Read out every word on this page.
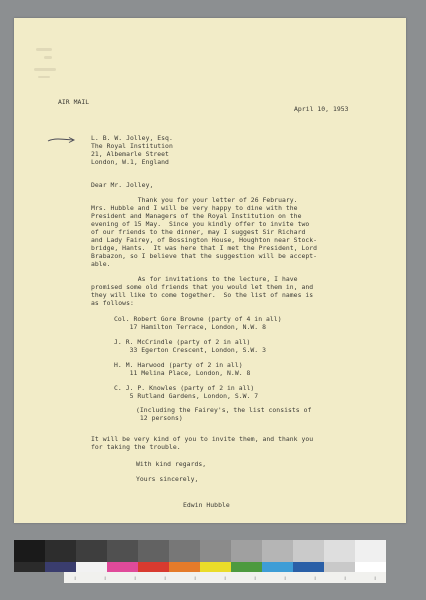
AIR MAIL
April 10, 1953
L. B. W. Jolley, Esq.
The Royal Institution
21, Albemarle Street
London, W.1, England
Dear Mr. Jolley,
Thank you for your letter of 26 February.
Mrs. Hubble and I will be very happy to dine with the
President and Managers of the Royal Institution on the
evening of 15 May.  Since you kindly offer to invite two
of our friends to the dinner, may I suggest Sir Richard
and Lady Fairey, of Bossington House, Houghton near Stock-
bridge, Hants.  It was here that I met the President, Lord
Brabazon, so I believe that the suggestion will be accept-
able.
As for invitations to the lecture, I have
promised some old friends that you would let them in, and
they will like to come together.  So the list of names is
as follows:
Col. Robert Gore Browne (party of 4 in all)
17 Hamilton Terrace, London, N.W. 8
J. R. McCrindle (party of 2 in all)
33 Egerton Crescent, London, S.W. 3
H. M. Harwood (party of 2 in all)
11 Melina Place, London, N.W. 8
C. J. P. Knowles (party of 2 in all)
5 Rutland Gardens, London, S.W. 7
(Including the Fairey's, the list consists of
12 persons)
It will be very kind of you to invite them, and thank you
for taking the trouble.
With kind regards,
Yours sincerely,
Edwin Hubble
|	|	|	|	|	|	|	|	|	|	|
